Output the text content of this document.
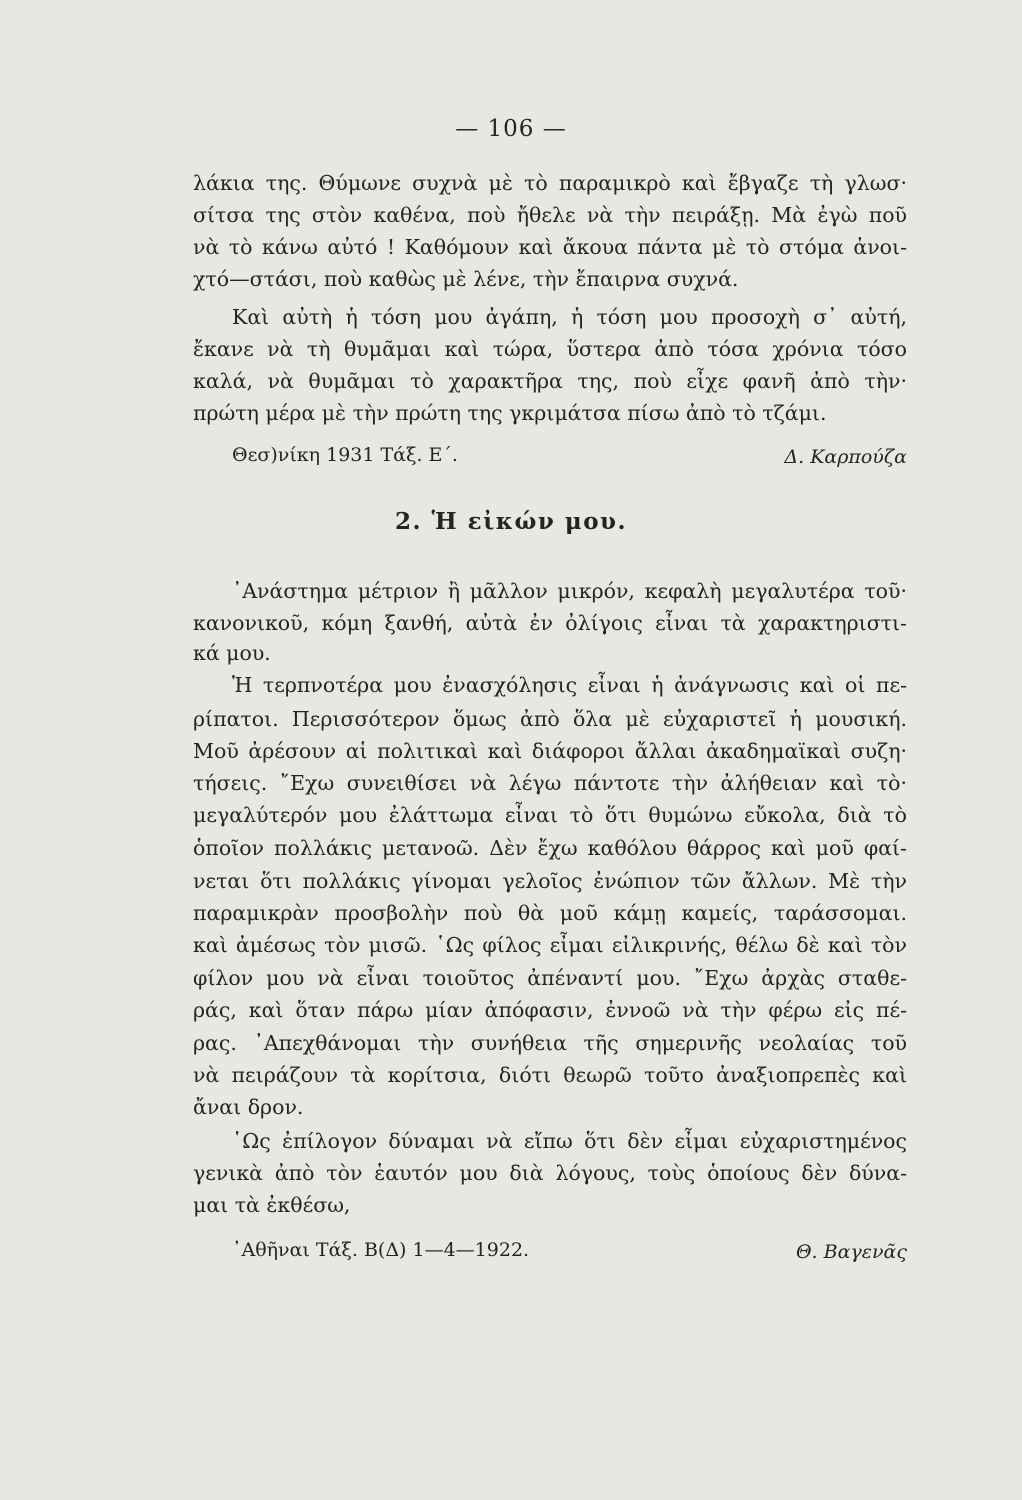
— 106 —
λάκια της. Θύμωνε συχνὰ μὲ τὸ παραμικρὸ καὶ ἔβγαζε τὴ γλωσ·
σίτσα της στὸν καθένα, ποὺ ἤθελε νὰ τὴν πειράξῃ. Μὰ ἐγὼ ποῦ
νὰ τὸ κάνω αὐτό ! Καθόμουν καὶ ἄκουα πάντα μὲ τὸ στόμα ἀνοι-
χτό—στάσι, ποὺ καθὼς μὲ λένε, τὴν ἔπαιρνα συχνά.
Καὶ αὐτὴ ἡ τόση μου ἀγάπη, ἡ τόση μου προσοχὴ σ᾽ αὐτή,
ἔκανε νὰ τὴ θυμᾶμαι καὶ τώρα, ὕστερα ἀπὸ τόσα χρόνια τόσο
καλά, νὰ θυμᾶμαι τὸ χαρακτῆρα της, ποὺ εἶχε φανῆ ἀπὸ τὴν·
πρώτη μέρα μὲ τὴν πρώτη της γκριμάτσα πίσω ἀπὸ τὸ τζάμι.
Θεσ)νίκη 1931 Τάξ. Ε΄.	Δ. Καρπούζα
2. Ἡ εἰκών μου.
᾽Ανάστημα μέτριον ἢ μᾶλλον μικρόν, κεφαλὴ μεγαλυτέρα τοῦ·
κανονικοῦ, κόμη ξανθή, αὐτὰ ἐν ὀλίγοις εἶναι τὰ χαρακτηριστι-
κά μου.
Ἡ τερπνοτέρα μου ἐνασχόλησις εἶναι ἡ ἀνάγνωσις καὶ οἱ πε-
ρίπατοι. Περισσότερον ὅμως ἀπὸ ὅλα μὲ εὐχαριστεῖ ἡ μουσική.
Μοῦ ἀρέσουν αἱ πολιτικαὶ καὶ διάφοροι ἄλλαι ἀκαδημαϊκαὶ συζη·
τήσεις. ῎Εχω συνειθίσει νὰ λέγω πάντοτε τὴν ἀλήθειαν καὶ τὸ·
μεγαλύτερόν μου ἐλάττωμα εἶναι τὸ ὅτι θυμώνω εὔκολα, διὰ τὸ
ὁποῖον πολλάκις μετανοῶ. Δὲν ἔχω καθόλου θάρρος καὶ μοῦ φαί-
νεται ὅτι πολλάκις γίνομαι γελοῖος ἐνώπιον τῶν ἄλλων. Μὲ τὴν
παραμικρὰν προσβολὴν ποὺ θὰ μοῦ κάμῃ καμείς, ταράσσομαι.
καὶ ἀμέσως τὸν μισῶ. ῾Ως φίλος εἶμαι εἰλικρινής, θέλω δὲ καὶ τὸν
φίλον μου νὰ εἶναι τοιοῦτος ἀπέναντί μου. ῎Εχω ἀρχὰς σταθε-
ράς, καὶ ὅταν πάρω μίαν ἀπόφασιν, ἐννοῶ νὰ τὴν φέρω εἰς πέ-
ρας. ᾽Απεχθάνομαι τὴν συνήθεια τῆς σημερινῆς νεολαίας τοῦ
νὰ πειράζουν τὰ κορίτσια, διότι θεωρῶ τοῦτο ἀναξιοπρεπὲς καὶ
ἄναι δρον.
῾Ως ἐπίλογον δύναμαι νὰ εἴπω ὅτι δὲν εἶμαι εὐχαριστημένος
γενικὰ ἀπὸ τὸν ἑαυτόν μου διὰ λόγους, τοὺς ὁποίους δὲν δύνα-
μαι τὰ ἐκθέσω,
᾽Αθῆναι Τάξ. Β(Δ) 1—4—1922.	Θ. Βαγενᾶς
